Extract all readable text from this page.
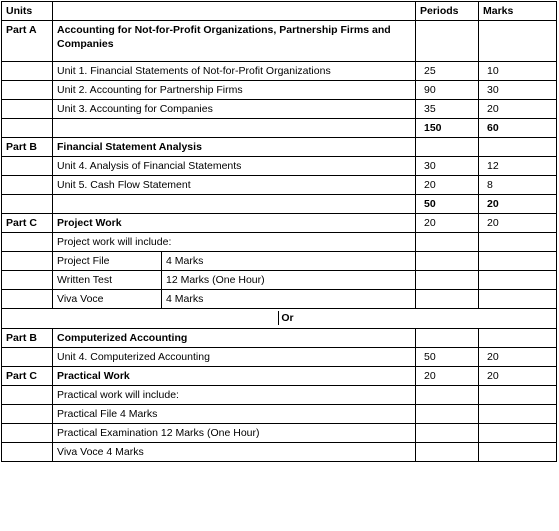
Units			Periods	Marks
Part A	Accounting for Not-for-Profit Organizations, Partnership Firms and Companies			
	Unit 1. Financial Statements of Not-for-Profit Organizations		25	10
	Unit 2. Accounting for Partnership Firms		90	30
	Unit 3. Accounting for Companies		35	20
			150	60
Part B	Financial Statement Analysis			
	Unit 4. Analysis of Financial Statements		30	12
	Unit 5. Cash Flow Statement		20	8
			50	20
Part C	Project Work		20	20
	Project work will include:			
	Project File	4 Marks		
	Written Test	12 Marks (One Hour)		
	Viva Voce	4 Marks		
Or				
Part B	Computerized Accounting			
	Unit 4. Computerized Accounting		50	20
Part C	Practical Work		20	20
	Practical work will include:			
	Practical File 4 Marks			
	Practical Examination 12 Marks (One Hour)			
	Viva Voce 4 Marks			
